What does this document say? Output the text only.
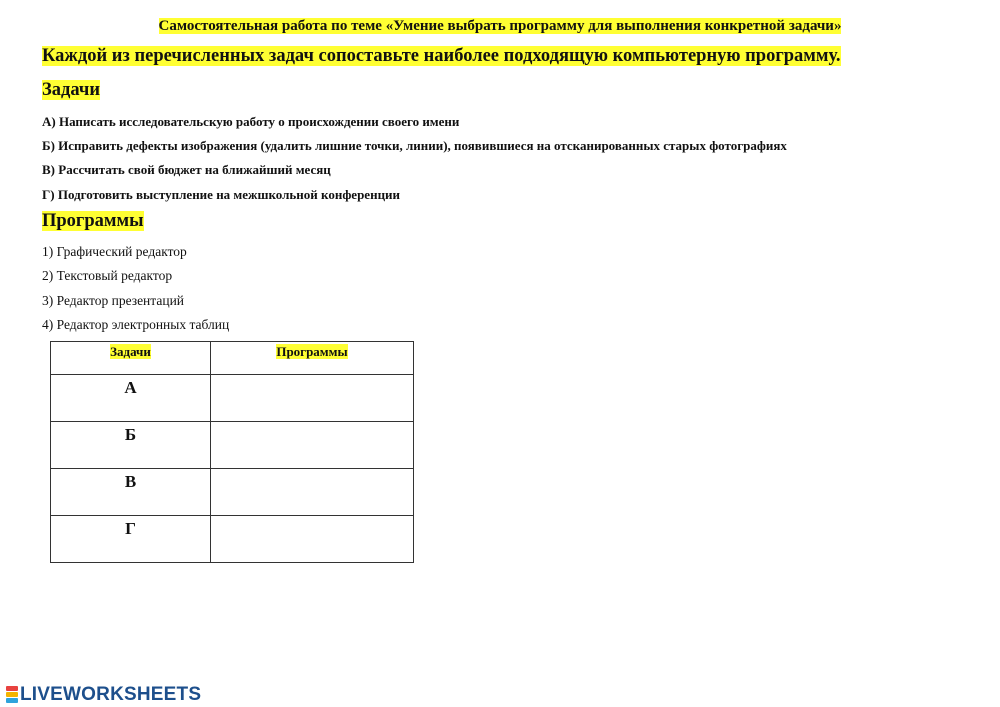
Самостоятельная работа по теме «Умение выбрать программу для выполнения конкретной задачи»
Каждой из перечисленных задач сопоставьте наиболее подходящую компьютерную программу.
Задачи
А) Написать исследовательскую работу о происхождении своего имени
Б) Исправить дефекты изображения (удалить лишние точки, линии), появившиеся на отсканированных старых фотографиях
В) Рассчитать свой бюджет на ближайший месяц
Г) Подготовить выступление на межшкольной конференции
Программы
1) Графический редактор
2) Текстовый редактор
3) Редактор презентаций
4) Редактор электронных таблиц
Задачи	Программы
А	
Б	
В	
Г	
LIVEWORKSHEETS
